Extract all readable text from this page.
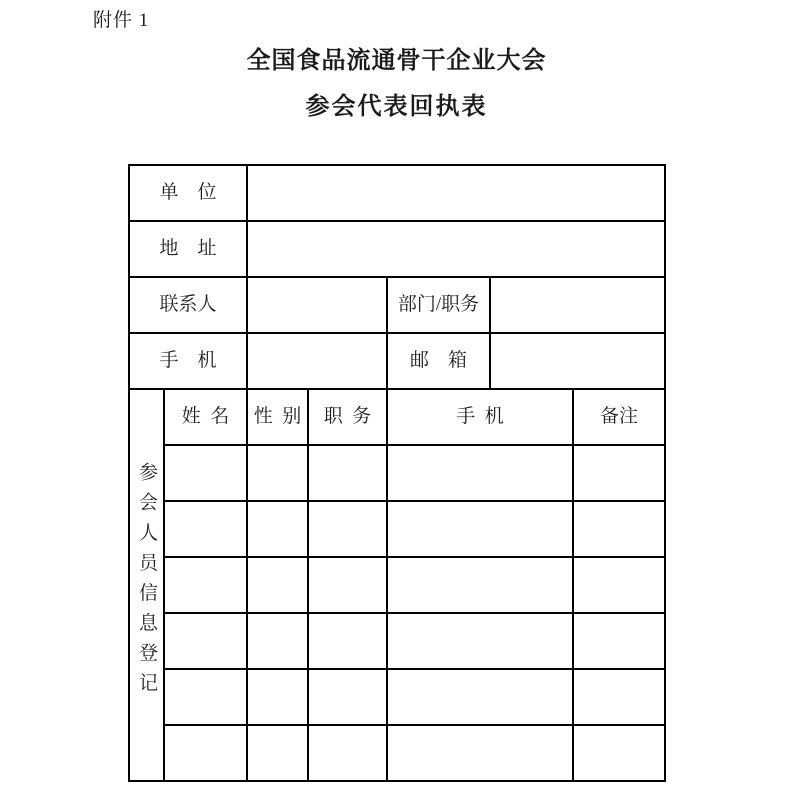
附件 1
全国食品流通骨干企业大会
参会代表回执表
单　位						
地　址						
联系人				部门/职务		
手　机				邮　箱		
参会人员信息登记	姓 名	性 别	职 务	手 机		备注
